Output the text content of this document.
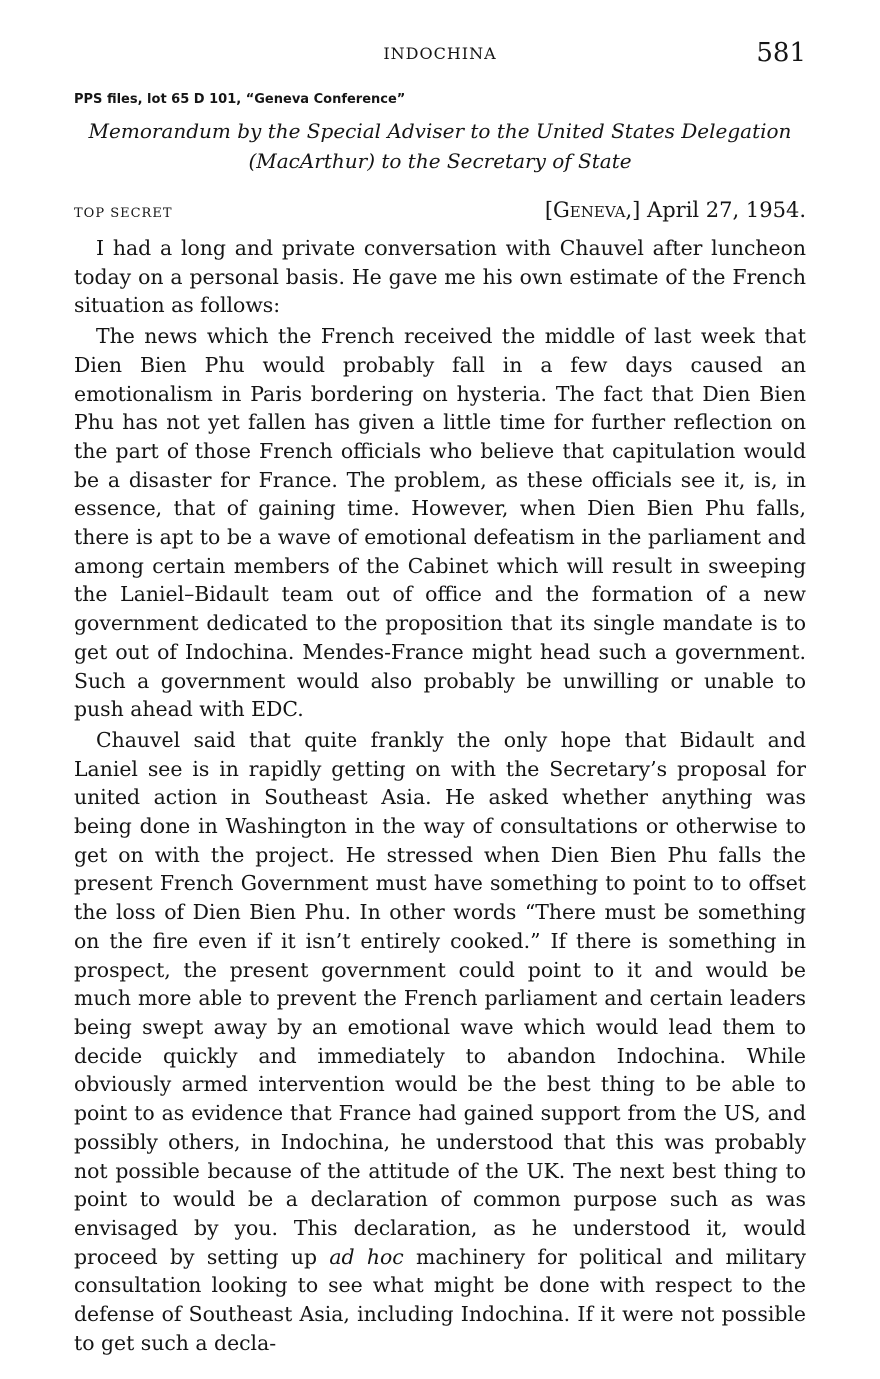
INDOCHINA	581
PPS files, lot 65 D 101, “Geneva Conference”
Memorandum by the Special Adviser to the United States Delegation
(MacArthur) to the Secretary of State
TOP SECRET	[Geneva,] April 27, 1954.

I had a long and private conversation with Chauvel after luncheon today on a personal basis. He gave me his own estimate of the French situation as follows:

The news which the French received the middle of last week that Dien Bien Phu would probably fall in a few days caused an emotionalism in Paris bordering on hysteria. The fact that Dien Bien Phu has not yet fallen has given a little time for further reflection on the part of those French officials who believe that capitulation would be a disaster for France. The problem, as these officials see it, is, in essence, that of gaining time. However, when Dien Bien Phu falls, there is apt to be a wave of emotional defeatism in the parliament and among certain members of the Cabinet which will result in sweeping the Laniel–Bidault team out of office and the formation of a new government dedicated to the proposition that its single mandate is to get out of Indochina. Mendes-France might head such a government. Such a government would also probably be unwilling or unable to push ahead with EDC.

Chauvel said that quite frankly the only hope that Bidault and Laniel see is in rapidly getting on with the Secretary’s proposal for united action in Southeast Asia. He asked whether anything was being done in Washington in the way of consultations or otherwise to get on with the project. He stressed when Dien Bien Phu falls the present French Government must have something to point to to offset the loss of Dien Bien Phu. In other words “There must be something on the fire even if it isn’t entirely cooked.” If there is something in prospect, the present government could point to it and would be much more able to prevent the French parliament and certain leaders being swept away by an emotional wave which would lead them to decide quickly and immediately to abandon Indochina. While obviously armed intervention would be the best thing to be able to point to as evidence that France had gained support from the US, and possibly others, in Indochina, he understood that this was probably not possible because of the attitude of the UK. The next best thing to point to would be a declaration of common purpose such as was envisaged by you. This declaration, as he understood it, would proceed by setting up ad hoc machinery for political and military consultation looking to see what might be done with respect to the defense of Southeast Asia, including Indochina. If it were not possible to get such a decla-
